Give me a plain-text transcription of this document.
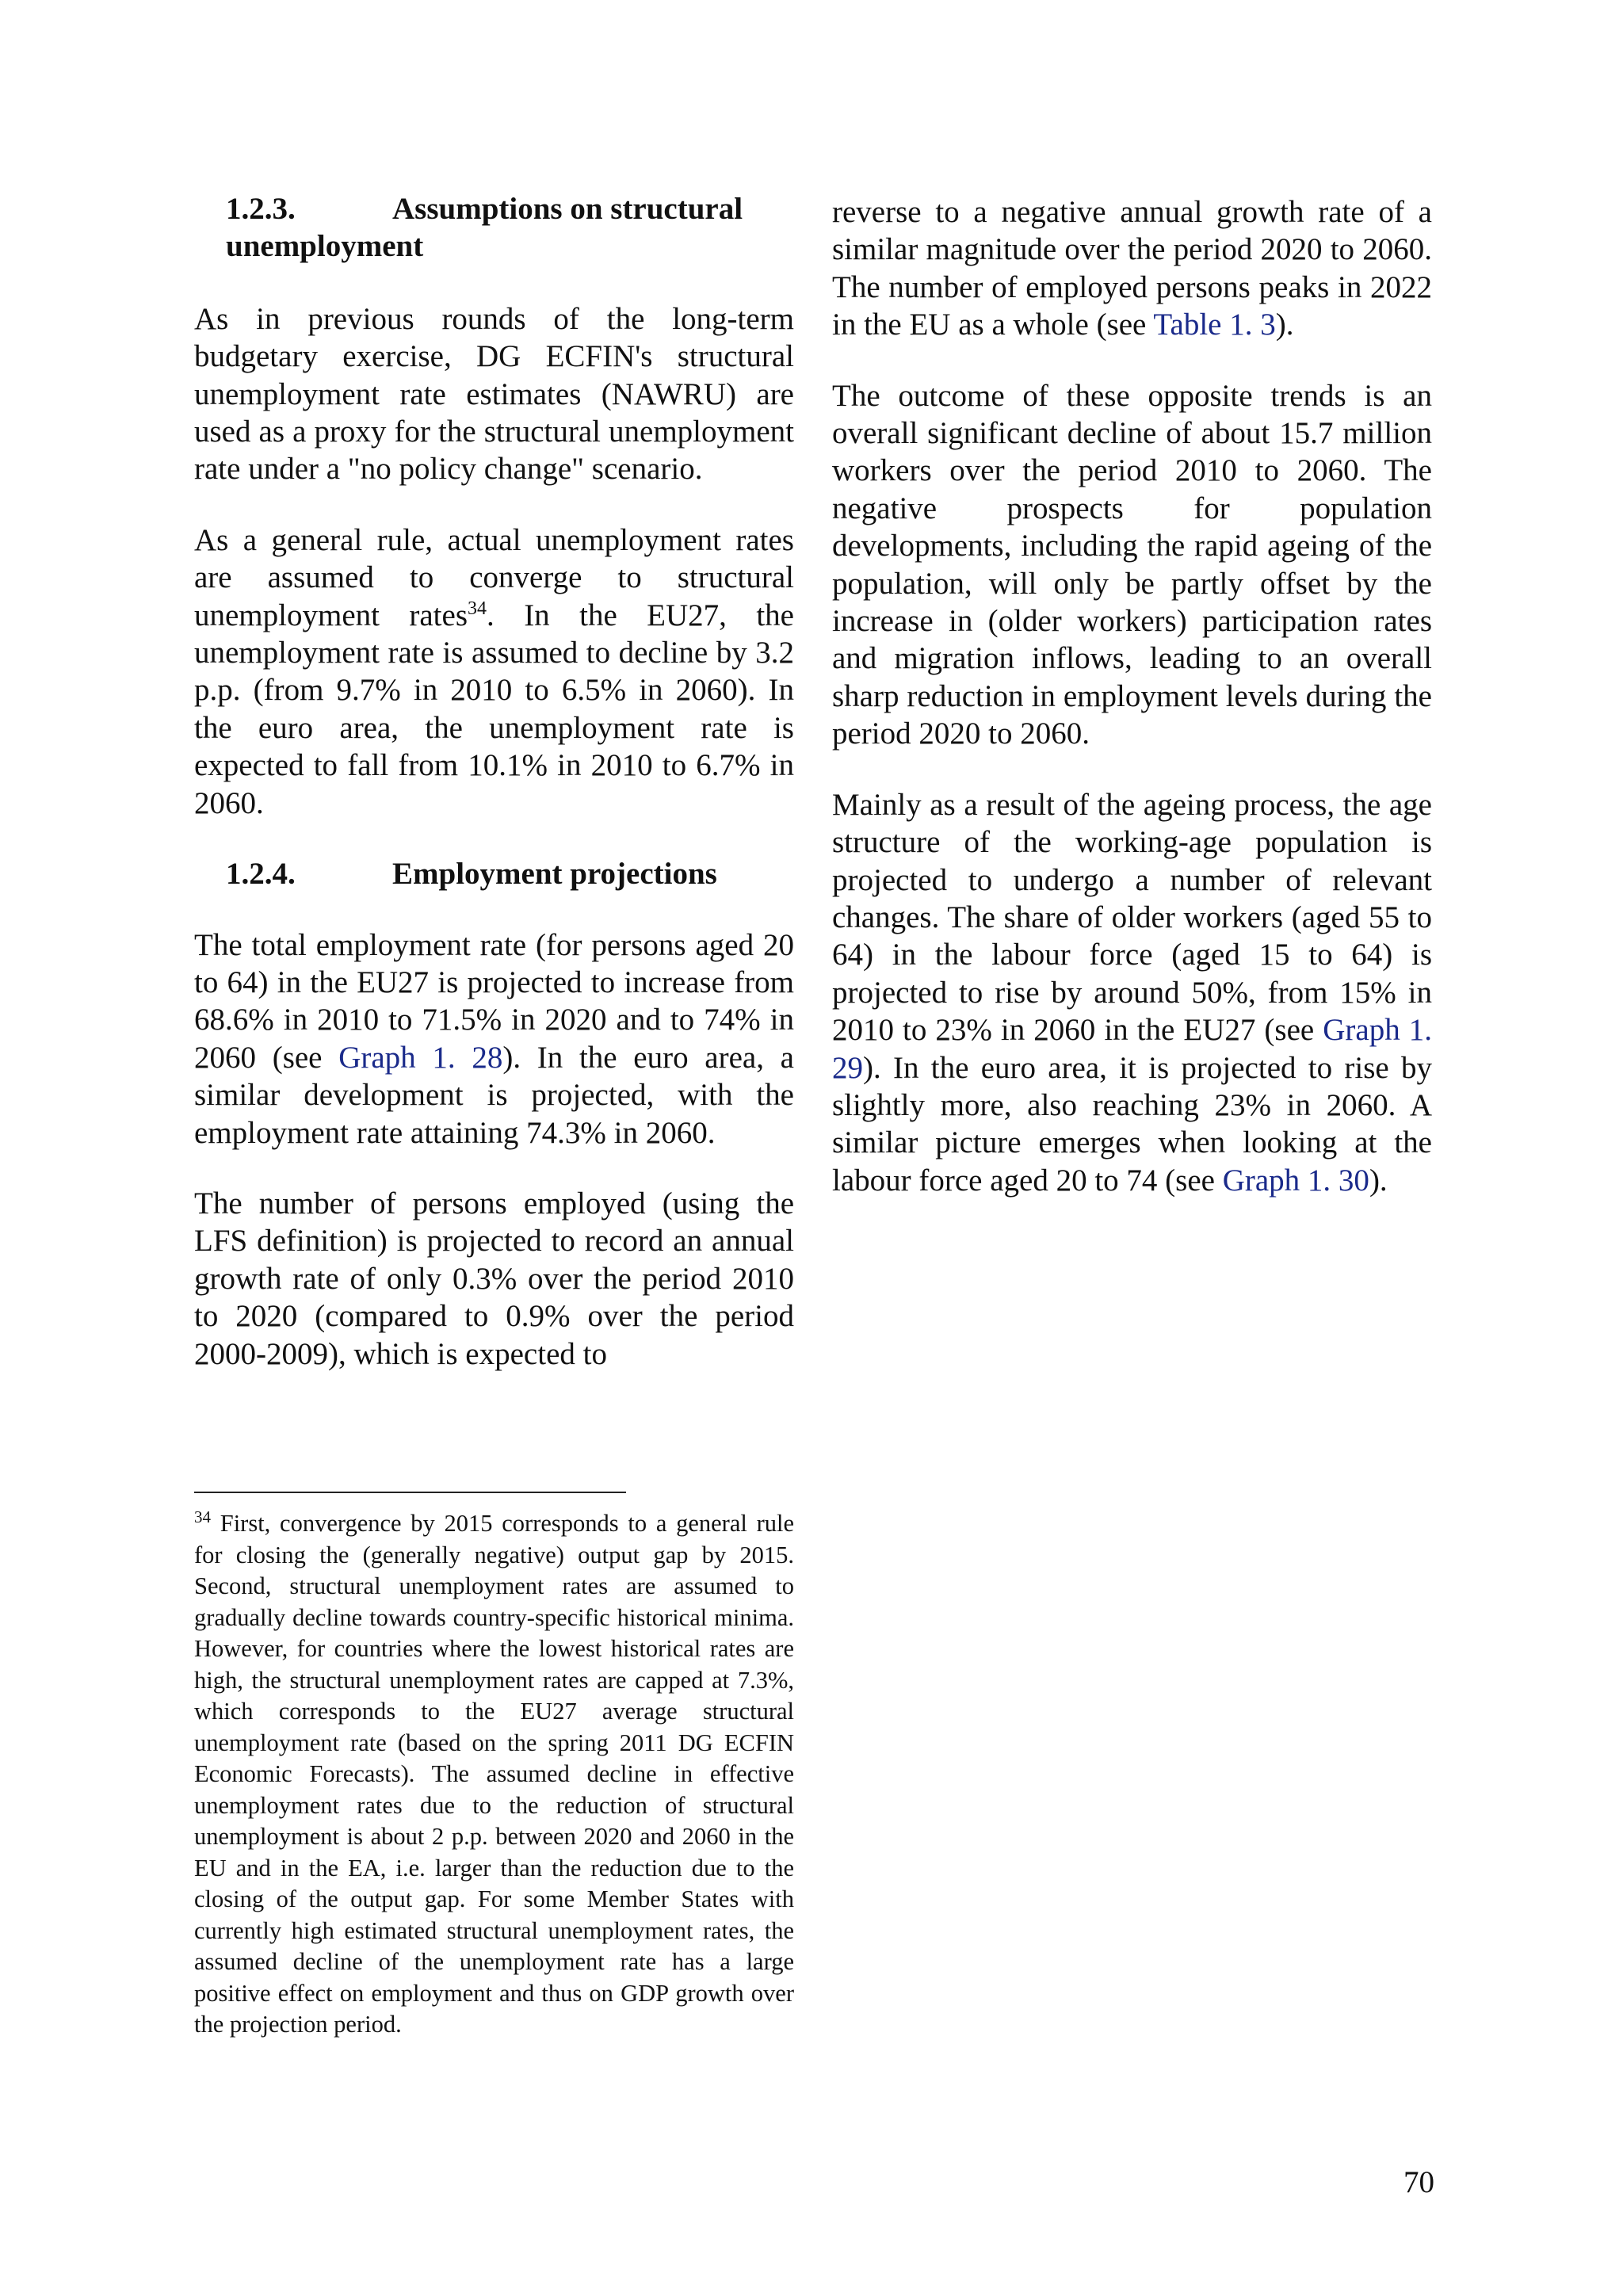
1.2.3.	Assumptions on structural unemployment

As in previous rounds of the long-term budgetary exercise, DG ECFIN's structural unemployment rate estimates (NAWRU) are used as a proxy for the structural unemployment rate under a "no policy change" scenario.

As a general rule, actual unemployment rates are assumed to converge to structural unemployment rates$^{34}$. In the EU27, the unemployment rate is assumed to decline by 3.2 p.p. (from 9.7% in 2010 to 6.5% in 2060). In the euro area, the unemployment rate is expected to fall from 10.1% in 2010 to 6.7% in 2060.

1.2.4.	Employment projections

The total employment rate (for persons aged 20 to 64) in the EU27 is projected to increase from 68.6% in 2010 to 71.5% in 2020 and to 74% in 2060 (see Graph 1. 28). In the euro area, a similar development is projected, with the employment rate attaining 74.3% in 2060.

The number of persons employed (using the LFS definition) is projected to record an annual growth rate of only 0.3% over the period 2010 to 2020 (compared to 0.9% over the period 2000-2009), which is expected to

reverse to a negative annual growth rate of a similar magnitude over the period 2020 to 2060. The number of employed persons peaks in 2022 in the EU as a whole (see Table 1. 3).

The outcome of these opposite trends is an overall significant decline of about 15.7 million workers over the period 2010 to 2060. The negative prospects for population developments, including the rapid ageing of the population, will only be partly offset by the increase in (older workers) participation rates and migration inflows, leading to an overall sharp reduction in employment levels during the period 2020 to 2060.

Mainly as a result of the ageing process, the age structure of the working-age population is projected to undergo a number of relevant changes. The share of older workers (aged 55 to 64) in the labour force (aged 15 to 64) is projected to rise by around 50%, from 15% in 2010 to 23% in 2060 in the EU27 (see Graph 1. 29). In the euro area, it is projected to rise by slightly more, also reaching 23% in 2060. A similar picture emerges when looking at the labour force aged 20 to 74 (see Graph 1. 30).

$^{34}$ First, convergence by 2015 corresponds to a general rule for closing the (generally negative) output gap by 2015. Second, structural unemployment rates are assumed to gradually decline towards country-specific historical minima. However, for countries where the lowest historical rates are high, the structural unemployment rates are capped at 7.3%, which corresponds to the EU27 average structural unemployment rate (based on the spring 2011 DG ECFIN Economic Forecasts). The assumed decline in effective unemployment rates due to the reduction of structural unemployment is about 2 p.p. between 2020 and 2060 in the EU and in the EA, i.e. larger than the reduction due to the closing of the output gap. For some Member States with currently high estimated structural unemployment rates, the assumed decline of the unemployment rate has a large positive effect on employment and thus on GDP growth over the projection period.
70
